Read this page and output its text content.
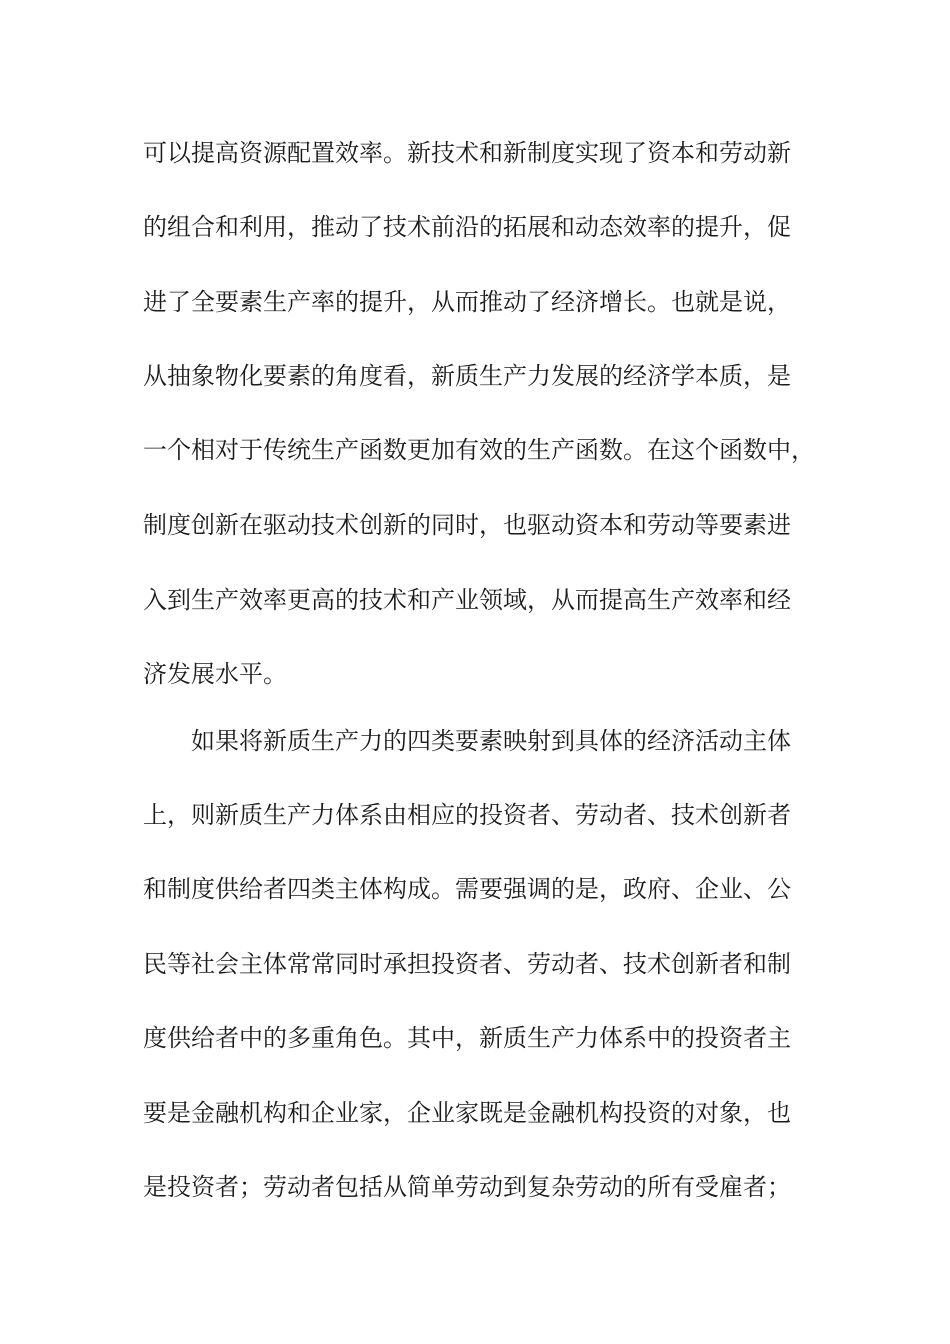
可以提高资源配置效率。新技术和新制度实现了资本和劳动新
的组合和利用，推动了技术前沿的拓展和动态效率的提升，促
进了全要素生产率的提升，从而推动了经济增长。也就是说，
从抽象物化要素的角度看，新质生产力发展的经济学本质，是
一个相对于传统生产函数更加有效的生产函数。在这个函数中，
制度创新在驱动技术创新的同时，也驱动资本和劳动等要素进
入到生产效率更高的技术和产业领域，从而提高生产效率和经
济发展水平。
如果将新质生产力的四类要素映射到具体的经济活动主体
上，则新质生产力体系由相应的投资者、劳动者、技术创新者
和制度供给者四类主体构成。需要强调的是，政府、企业、公
民等社会主体常常同时承担投资者、劳动者、技术创新者和制
度供给者中的多重角色。其中，新质生产力体系中的投资者主
要是金融机构和企业家，企业家既是金融机构投资的对象，也
是投资者；劳动者包括从简单劳动到复杂劳动的所有受雇者；
